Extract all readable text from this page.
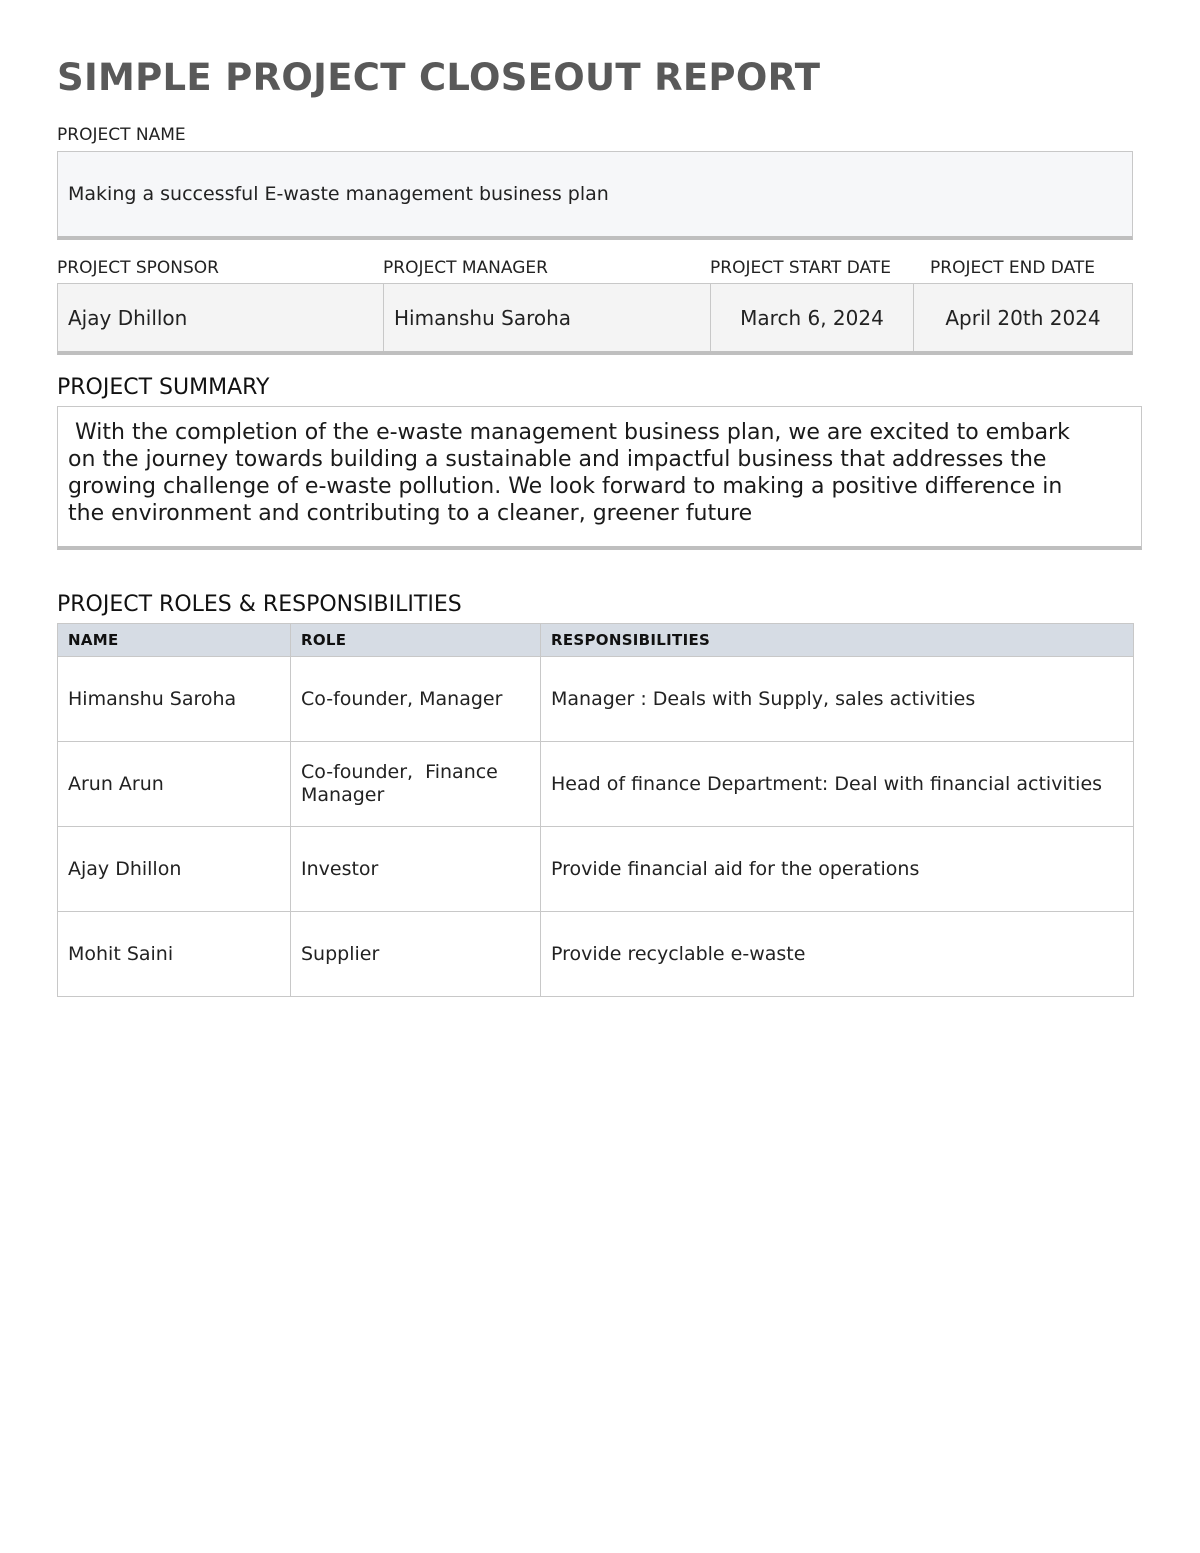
SIMPLE PROJECT CLOSEOUT REPORT
PROJECT NAME
Making a successful E-waste management business plan
PROJECT SPONSOR	PROJECT MANAGER	PROJECT START DATE PROJECT END DATE
Ajay Dhillon	Himanshu Saroha	March 6, 2024	April 20th 2024
PROJECT SUMMARY

With the completion of the e-waste management business plan, we are excited to embark on the journey towards building a sustainable and impactful business that addresses the growing challenge of e-waste pollution. We look forward to making a positive difference in the environment and contributing to a cleaner, greener future

PROJECT ROLES & RESPONSIBILITIES
NAME	ROLE	RESPONSIBILITIES
Himanshu Saroha	Co-founder, Manager	Manager : Deals with Supply, sales activities
Arun Arun	Co-founder,  Finance Manager	Head of finance Department: Deal with financial activities
Ajay Dhillon	Investor	Provide financial aid for the operations
Mohit Saini	Supplier	Provide recyclable e-waste
